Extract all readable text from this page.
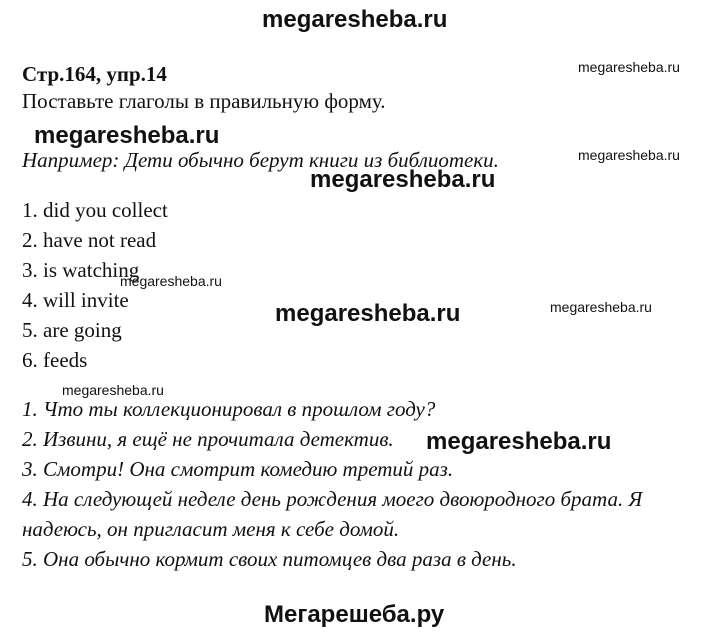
megaresheba.ru
Стр.164, упр.14
Поставьте глаголы в правильную форму.
megaresheba.ru
megaresheba.ru
Например: Дети обычно берут книги из библиотеки.	megaresheba.ru
megaresheba.ru
1. did you collect
2. have not read
3. is watching
megaresheba.ru
4. will invite	megaresheba.ru	megaresheba.ru
5. are going
6. feeds
megaresheba.ru
1. Что ты коллекционировал в прошлом году?
2. Извини, я ещё не прочитала детектив. megaresheba.ru
3. Смотри! Она смотрит комедию третий раз.
4. На следующей неделе день рождения моего двоюродного брата. Я
надеюсь, он пригласит меня к себе домой.
5. Она обычно кормит своих питомцев два раза в день.
Мегарешеба.ру
